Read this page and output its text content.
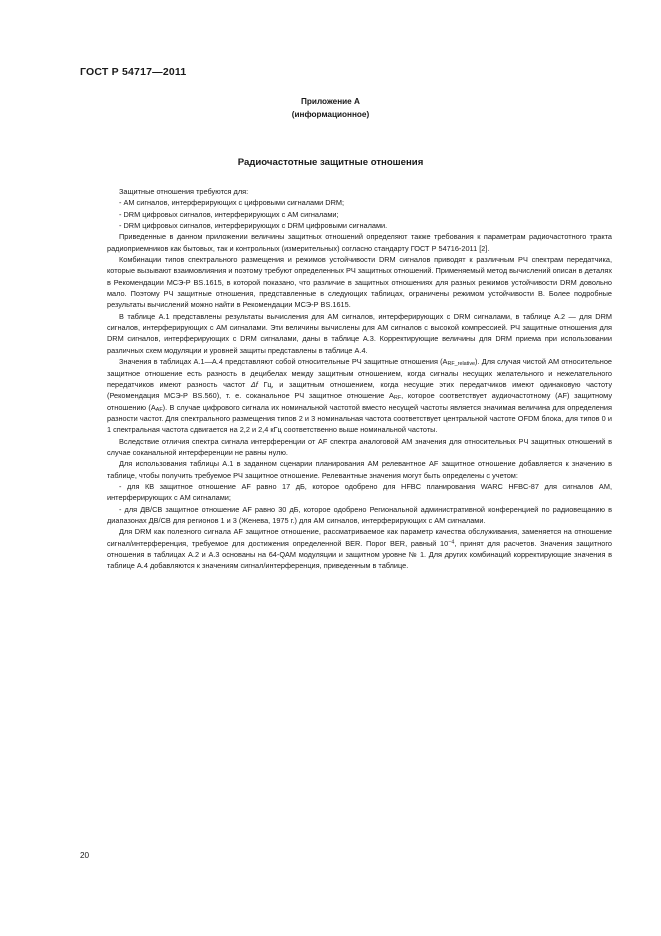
ГОСТ Р 54717—2011
Приложение А
(информационное)
Радиочастотные защитные отношения

Защитные отношения требуются для:

- АМ сигналов, интерферирующих с цифровыми сигналами DRM;

- DRM цифровых сигналов, интерферирующих с АМ сигналами;

- DRM цифровых сигналов, интерферирующих с DRM цифровыми сигналами.

Приведенные в данном приложении величины защитных отношений определяют также требования к параметрам радиочастотного тракта радиоприемников как бытовых, так и контрольных (измерительных) согласно стандарту ГОСТ Р 54716-2011 [2].

Комбинации типов спектрального размещения и режимов устойчивости DRM сигналов приводят к различным РЧ спектрам передатчика, которые вызывают взаимовлияния и поэтому требуют определенных РЧ защитных отношений. Применяемый метод вычислений описан в деталях в Рекомендации МСЭ-Р BS.1615, в которой показано, что различие в защитных отношениях для разных режимов устойчивости DRM довольно мало. Поэтому РЧ защитные отношения, представленные в следующих таблицах, ограничены режимом устойчивости В. Более подробные результаты вычислений можно найти в Рекомендации МСЭ-Р BS.1615.

В таблице А.1 представлены результаты вычисления для АМ сигналов, интерферирующих с DRM сигналами, в таблице А.2 — для DRM сигналов, интерферирующих с АМ сигналами. Эти величины вычислены для АМ сигналов с высокой компрессией. РЧ защитные отношения для DRM сигналов, интерферирующих с DRM сигналами, даны в таблице А.3. Корректирующие величины для DRM приема при использовании различных схем модуляции и уровней защиты представлены в таблице А.4.

Значения в таблицах А.1—А.4 представляют собой относительные РЧ защитные отношения $(A_{RF\_relative})$. Для случая чистой АМ относительное защитное отношение есть разность в децибелах между защитным отношением, когда сигналы несущих желательного и нежелательного передатчиков имеют разность частот Δf Гц, и защитным отношением, когда несущие этих передатчиков имеют одинаковую частоту (Рекомендация МСЭ-Р BS.560), т. е. соканальное РЧ защитное отношение $A_{RF}$, которое соответствует аудиочастотному (AF) защитному отношению $(A_{AF})$. В случае цифрового сигнала их номинальной частотой вместо несущей частоты является значимая величина для определения разности частот. Для спектрального размещения типов 2 и 3 номинальная частота соответствует центральной частоте OFDM блока, для типов 0 и 1 спектральная частота сдвигается на 2,2 и 2,4 кГц соответственно выше номинальной частоты.

Вследствие отличия спектра сигнала интерференции от AF спектра аналоговой АМ значения для относительных РЧ защитных отношений в случае соканальной интерференции не равны нулю.

Для использования таблицы А.1 в заданном сценарии планирования АМ релевантное AF защитное отношение добавляется к значению в таблице, чтобы получить требуемое РЧ защитное отношение. Релевантные значения могут быть определены с учетом:

- для КВ защитное отношение AF равно 17 дБ, которое одобрено для HFBC планирования WARC HFBC-87 для сигналов АМ, интерферирующих с АМ сигналами;

- для ДВ/СВ защитное отношение AF равно 30 дБ, которое одобрено Региональной административной конференцией по радиовещанию в диапазонах ДВ/СВ для регионов 1 и 3 (Женева, 1975 г.) для АМ сигналов, интерферирующих с АМ сигналами.

Для DRM как полезного сигнала AF защитное отношение, рассматриваемое как параметр качества обслуживания, заменяется на отношение сигнал/интерференция, требуемое для достижения определенной BER. Порог BER, равный $10^{-4}$, принят для расчетов. Значения защитного отношения в таблицах А.2 и А.3 основаны на 64-QAM модуляции и защитном уровне № 1. Для других комбинаций корректирующие значения в таблице А.4 добавляются к значениям сигнал/интерференция, приведенным в таблице.

20
